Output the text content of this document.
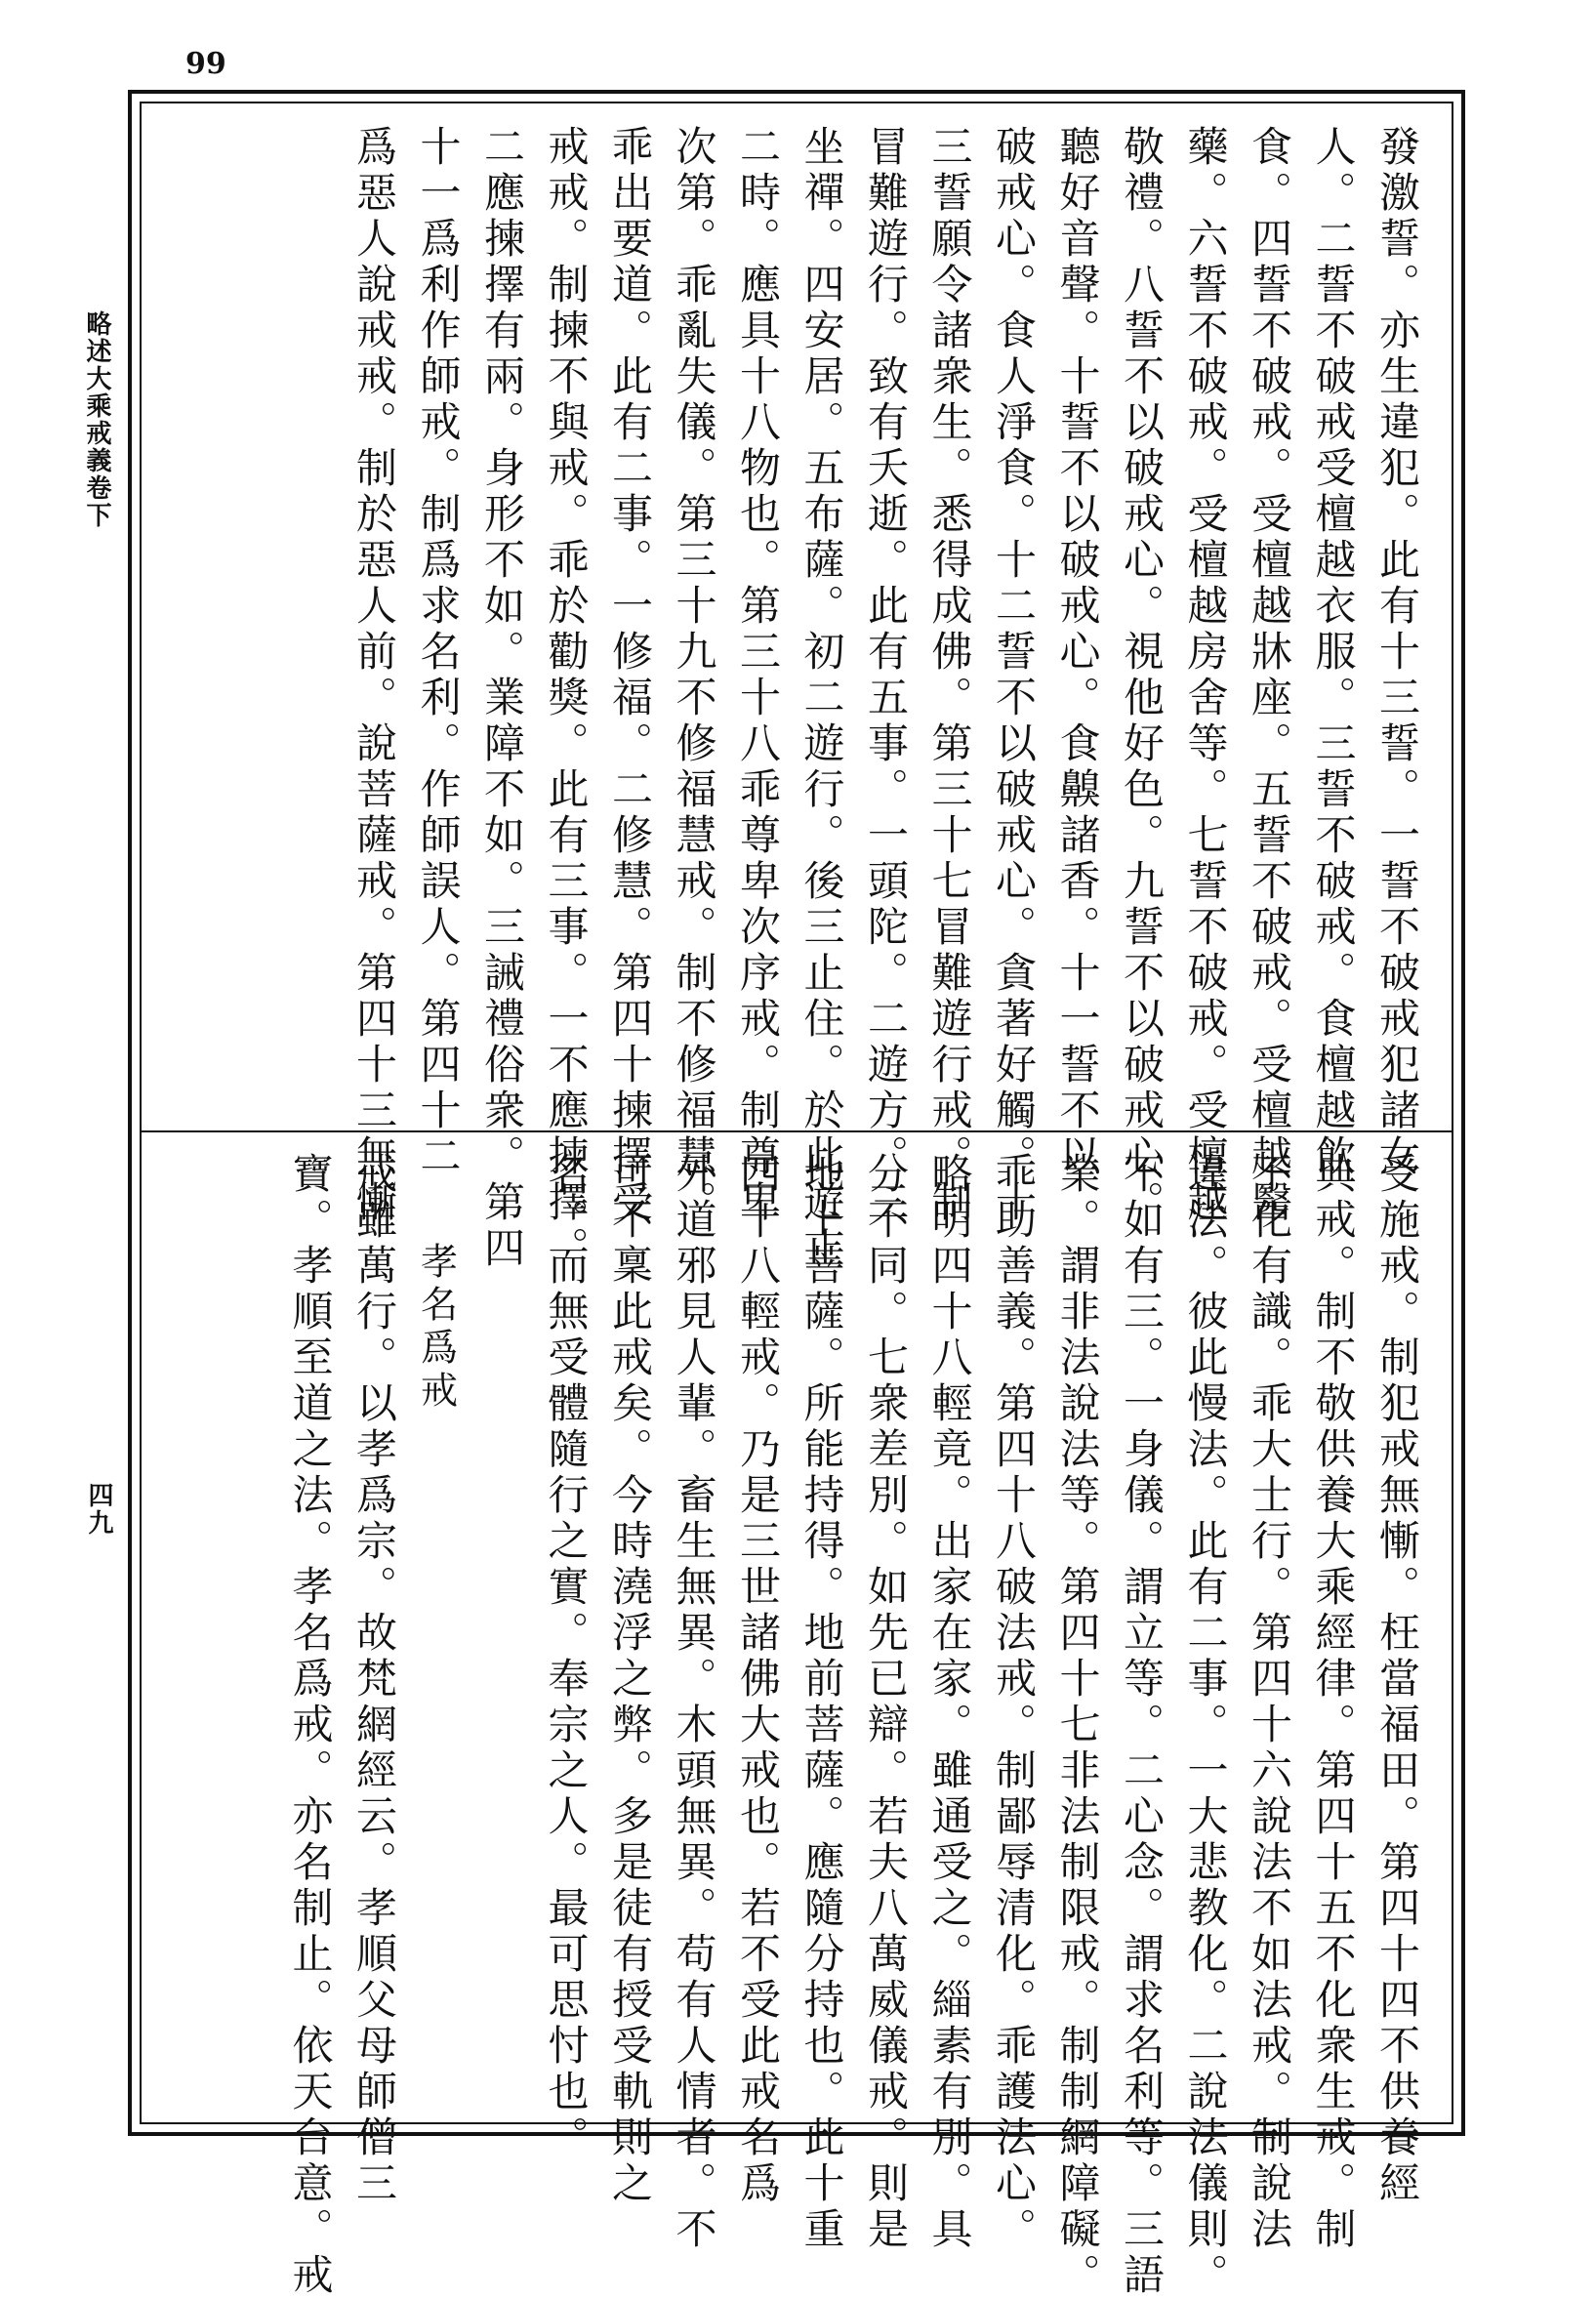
99
略述大乘戒義卷下
四九
發激誓。亦生違犯。此有十三誓。一誓不破戒犯諸女
人。二誓不破戒受檀越衣服。三誓不破戒。食檀越飲
食。四誓不破戒。受檀越牀座。五誓不破戒。受檀越醫
藥。六誓不破戒。受檀越房舍等。七誓不破戒。受檀越
敬禮。八誓不以破戒心。視他好色。九誓不以破戒心。
聽好音聲。十誓不以破戒心。食齅諸香。十一誓不以
破戒心。食人淨食。十二誓不以破戒心。貪著好觸。十
三誓願令諸衆生。悉得成佛。第三十七冒難遊行戒。制
冒難遊行。致有夭逝。此有五事。一頭陀。二遊方。三
坐禪。四安居。五布薩。初二遊行。後三止住。於此遊止
二時。應具十八物也。第三十八乖尊卑次序戒。制尊卑
次第。乖亂失儀。第三十九不修福慧戒。制不修福慧。
乖出要道。此有二事。一修福。二修慧。第四十揀擇受
戒戒。制揀不與戒。乖於勸獎。此有三事。一不應揀擇。
二應揀擇有兩。身形不如。業障不如。三誡禮俗衆。第四
十一爲利作師戒。制爲求名利。作師誤人。第四十二
爲惡人說戒戒。制於惡人前。說菩薩戒。第四十三無慚
受施戒。制犯戒無慚。枉當福田。第四十四不供養經
典戒。制不敬供養大乘經律。第四十五不化衆生戒。制
不化有識。乖大士行。第四十六說法不如法戒。制說法
違法。彼此慢法。此有二事。一大悲教化。二說法儀則。
不如有三。一身儀。謂立等。二心念。謂求名利等。三語
業。謂非法說法等。第四十七非法制限戒。制制網障礙。
乖助善義。第四十八破法戒。制鄙辱清化。乖護法心。
略明四十八輕竟。出家在家。雖通受之。緇素有別。具
分不同。七衆差別。如先已辯。若夫八萬威儀戒。則是
地上菩薩。所能持得。地前菩薩。應隨分持也。此十重
四十八輕戒。乃是三世諸佛大戒也。若不受此戒名爲
外道邪見人輩。畜生無異。木頭無異。苟有人情者。不
可不稟此戒矣。今時澆浮之弊。多是徒有授受軌則之
名。而無受體隨行之實。奉宗之人。最可思忖也。
孝名爲戒
戒雖萬行。以孝爲宗。故梵網經云。孝順父母師僧三
寶。孝順至道之法。孝名爲戒。亦名制止。依天台意。戒
